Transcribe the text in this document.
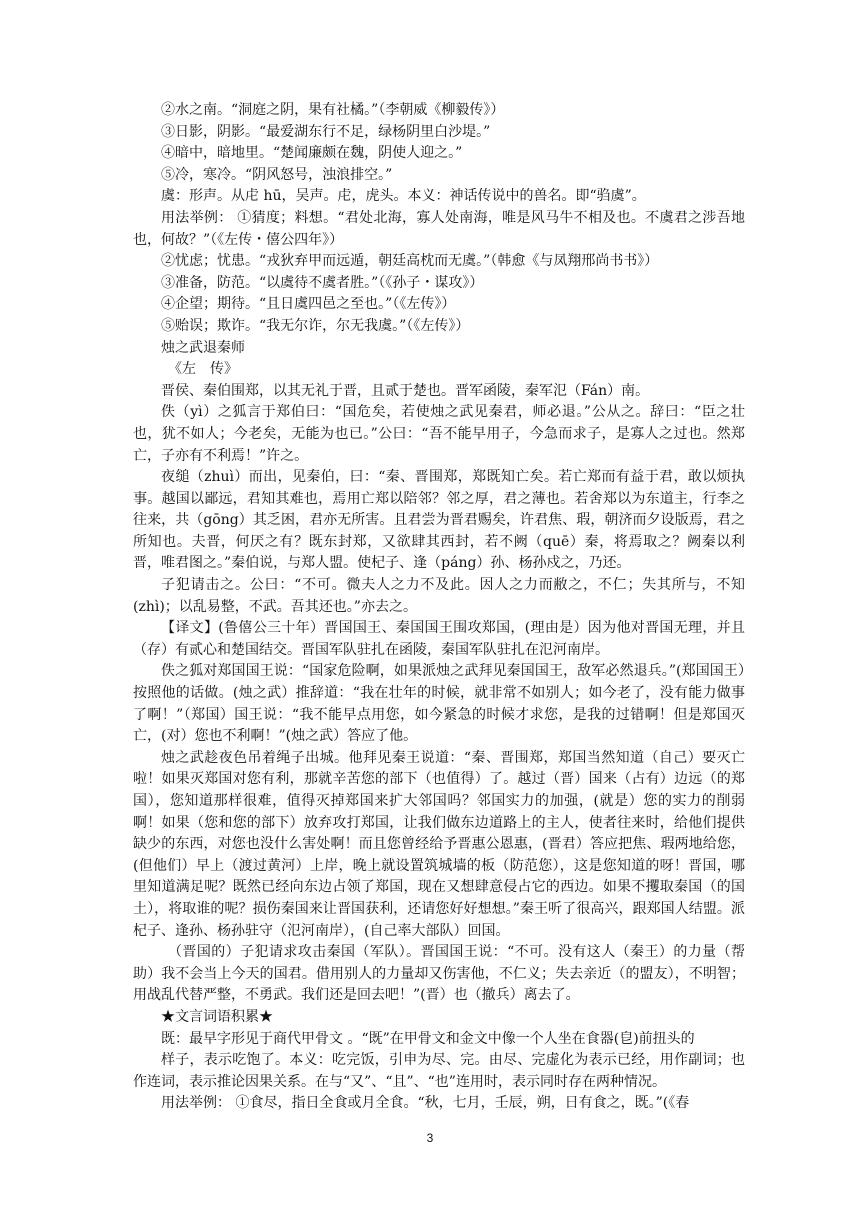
②水之南。“洞庭之阴，果有社橘。”（李朝威《柳毅传》）

③日影，阴影。“最爱湖东行不足，绿杨阴里白沙堤。”

④暗中，暗地里。“楚闻廉颇在魏，阴使人迎之。”

⑤冷，寒冷。“阴风怒号，浊浪排空。”

虞：形声。从虍 hū，吴声。虍，虎头。本义：神话传说中的兽名。即“驺虞”。

用法举例： ①猜度；料想。“君处北海，寡人处南海，唯是风马牛不相及也。不虞君之涉吾地也，何故？”（《左传・僖公四年》）

②忧虑；忧患。“戎狄弃甲而远遁，朝廷高枕而无虞。”（韩愈《与凤翔邢尚书书》）

③准备，防范。“以虞待不虞者胜。”（《孙子・谋攻》）

④企望；期待。“且日虞四邑之至也。”（《左传》）

⑤贻误；欺诈。“我无尔诈，尔无我虞。”（《左传》）

烛之武退秦师

《左　传》

晋侯、秦伯围郑，以其无礼于晋，且贰于楚也。晋军函陵，秦军氾（Fán）南。

佚（yì）之狐言于郑伯曰：“国危矣，若使烛之武见秦君，师必退。”公从之。辞曰：“臣之壮也，犹不如人；今老矣，无能为也已。”公曰：“吾不能早用子，今急而求子，是寡人之过也。然郑亡，子亦有不利焉！”许之。

夜缒（zhuì）而出，见秦伯，曰：“秦、晋围郑，郑既知亡矣。若亡郑而有益于君，敢以烦执事。越国以鄙远，君知其难也，焉用亡郑以陪邻？邻之厚，君之薄也。若舍郑以为东道主，行李之往来，共（gōng）其乏困，君亦无所害。且君尝为晋君赐矣，许君焦、瑕，朝济而夕设版焉，君之所知也。夫晋，何厌之有？既东封郑，又欲肆其西封，若不阙（quē）秦，将焉取之？阙秦以利晋，唯君图之。”秦伯说，与郑人盟。使杞子、逢（páng）孙、杨孙戍之，乃还。

子犯请击之。公曰：“不可。微夫人之力不及此。因人之力而敝之，不仁；失其所与，不知(zhì)；以乱易整，不武。吾其还也。”亦去之。

【译文】(鲁僖公三十年）晋国国王、秦国国王围攻郑国，(理由是）因为他对晋国无理，并且（存）有贰心和楚国结交。晋国军队驻扎在函陵，秦国军队驻扎在氾河南岸。

佚之狐对郑国国王说：“国家危险啊，如果派烛之武拜见秦国国王，敌军必然退兵。”(郑国国王）按照他的话做。(烛之武）推辞道：“我在壮年的时候，就非常不如别人；如今老了，没有能力做事了啊！”（郑国）国王说：“我不能早点用您，如今紧急的时候才求您，是我的过错啊！但是郑国灭亡，(对）您也不利啊！”(烛之武）答应了他。

烛之武趁夜色吊着绳子出城。他拜见秦王说道：“秦、晋围郑，郑国当然知道（自己）要灭亡啦！如果灭郑国对您有利，那就辛苦您的部下（也值得）了。越过（晋）国来（占有）边远（的郑国），您知道那样很难，值得灭掉郑国来扩大邻国吗？邻国实力的加强，(就是）您的实力的削弱啊！如果（您和您的部下）放弃攻打郑国，让我们做东边道路上的主人，使者往来时，给他们提供缺少的东西，对您也没什么害处啊！而且您曾经给予晋惠公恩惠，(晋君）答应把焦、瑕两地给您，(但他们）早上（渡过黄河）上岸，晚上就设置筑城墙的板（防范您），这是您知道的呀！晋国，哪里知道满足呢？既然已经向东边占领了郑国，现在又想肆意侵占它的西边。如果不攫取秦国（的国土），将取谁的呢？损伤秦国来让晋国获利，还请您好好想想。”秦王听了很高兴，跟郑国人结盟。派杞子、逢孙、杨孙驻守（氾河南岸），(自己率大部队）回国。

（晋国的）子犯请求攻击秦国（军队）。晋国国王说：“不可。没有这人（秦王）的力量（帮助）我不会当上今天的国君。借用别人的力量却又伤害他，不仁义；失去亲近（的盟友），不明智；用战乱代替严整，不勇武。我们还是回去吧！”(晋）也（撤兵）离去了。

★文言词语积累★

既：最早字形见于商代甲骨文 。“既”在甲骨文和金文中像一个人坐在食器(皀)前扭头的

样子，表示吃饱了。本义：吃完饭，引申为尽、完。由尽、完虚化为表示已经，用作副词；也作连词，表示推论因果关系。在与“又”、“且”、“也”连用时，表示同时存在两种情况。

用法举例： ①食尽，指日全食或月全食。“秋，七月，壬辰，朔，日有食之，既。”(《春

3
